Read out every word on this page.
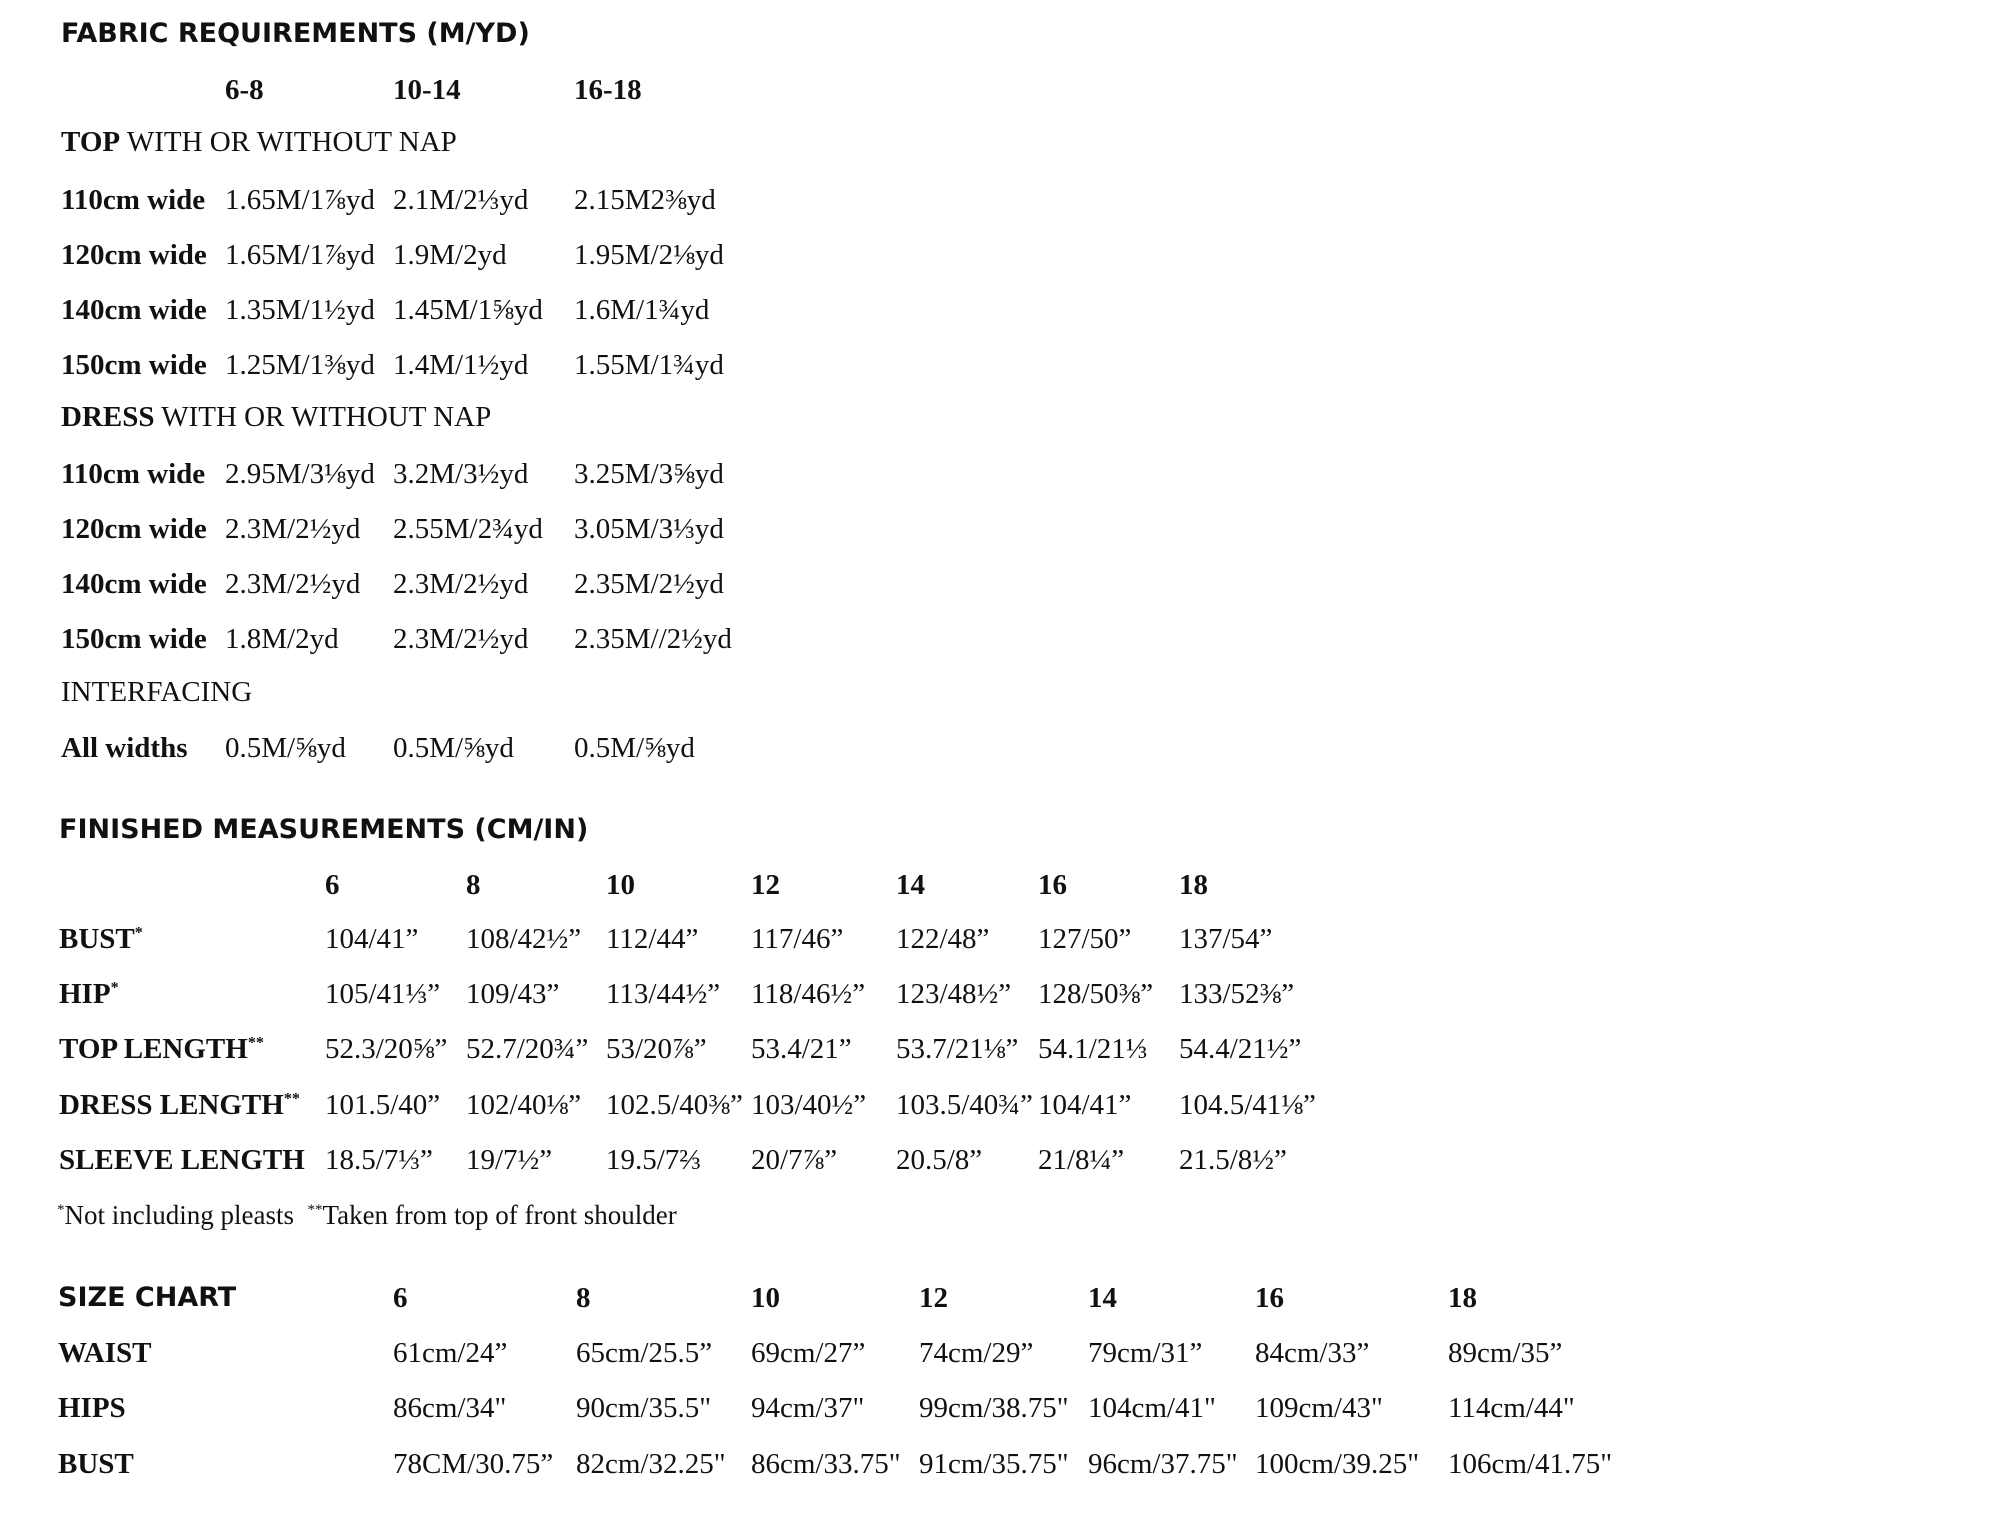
FABRIC REQUIREMENTS (M/YD)
6-8	10-14	16-18
TOP WITH OR WITHOUT NAP
110cm wide 1.65M/1⅞yd 2.1M/2⅓yd 2.15M2⅜yd
120cm wide 1.65M/1⅞yd 1.9M/2yd 1.95M/2⅛yd
140cm wide 1.35M/1½yd 1.45M/1⅝yd 1.6M/1¾yd
150cm wide 1.25M/1⅜yd 1.4M/1½yd 1.55M/1¾yd
DRESS WITH OR WITHOUT NAP
110cm wide 2.95M/3⅛yd 3.2M/3½yd 3.25M/3⅝yd
120cm wide 2.3M/2½yd 2.55M/2¾yd 3.05M/3⅓yd
140cm wide 2.3M/2½yd 2.3M/2½yd 2.35M/2½yd
150cm wide 1.8M/2yd 2.3M/2½yd 2.35M//2½yd
INTERFACING
All widths 0.5M/⅝yd 0.5M/⅝yd 0.5M/⅝yd
FINISHED MEASUREMENTS (CM/IN)
6	8	10	12	14	16	18
BUST*	104/41” 108/42½” 112/44” 117/46” 122/48” 127/50” 137/54”
HIP*	105/41⅓” 109/43” 113/44½” 118/46½” 123/48½” 128/50⅜” 133/52⅜”
TOP LENGTH** 52.3/20⅝” 52.7/20¾” 53/20⅞” 53.4/21” 53.7/21⅛” 54.1/21⅓ 54.4/21½”
DRESS LENGTH** 101.5/40” 102/40⅛” 102.5/40⅜” 103/40½” 103.5/40¾” 104/41” 104.5/41⅛”
SLEEVE LENGTH 18.5/7⅓” 19/7½” 19.5/7⅔ 20/7⅞” 20.5/8” 21/8¼” 21.5/8½”
*Not including pleasts **Taken from top of front shoulder
SIZE CHART	6	8	10	12	14	16	18
WAIST	61cm/24” 65cm/25.5” 69cm/27” 74cm/29” 79cm/31” 84cm/33”	89cm/35”
HIPS	86cm/34" 90cm/35.5" 94cm/37" 99cm/38.75" 104cm/41" 109cm/43" 114cm/44"
BUST	78CM/30.75” 82cm/32.25" 86cm/33.75" 91cm/35.75" 96cm/37.75" 100cm/39.25" 106cm/41.75"
